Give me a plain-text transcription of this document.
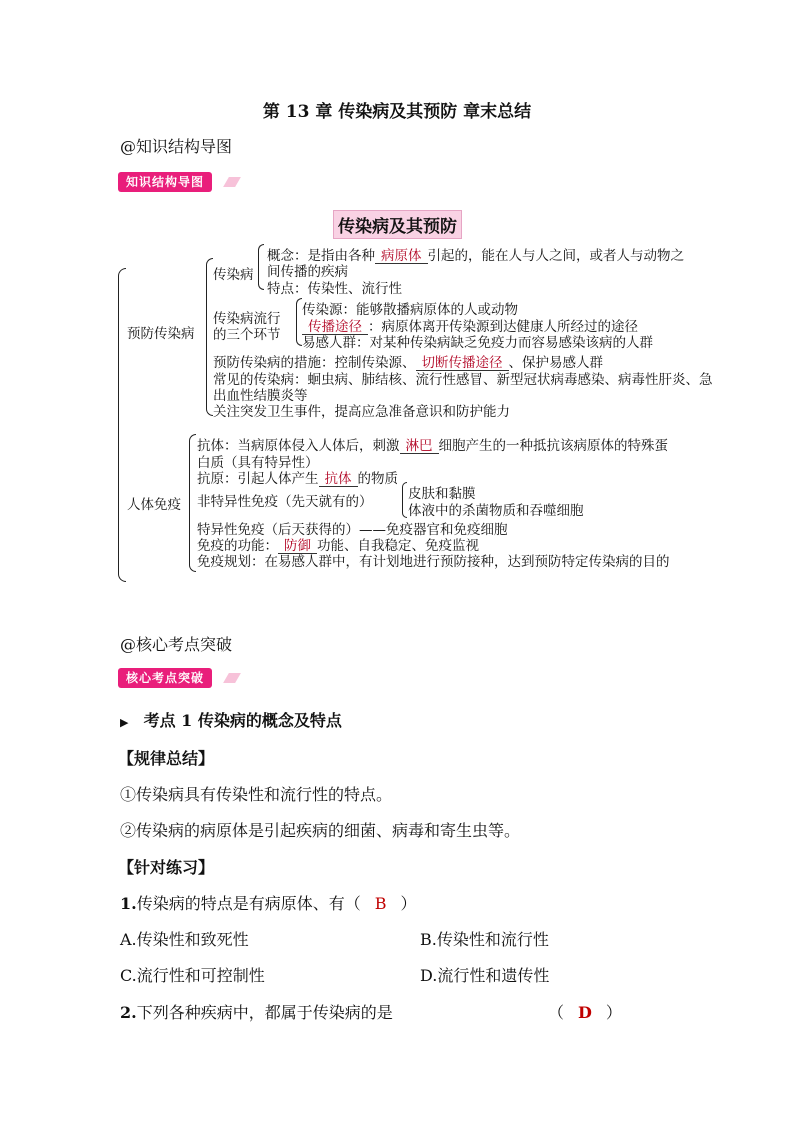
第 13 章 传染病及其预防 章末总结
@知识结构导图
知识结构导图
传染病及其预防
预防传染病
传染病
概念：是指由各种 病原体 引起的，能在人与人之间，或者人与动物之
间传播的疾病
特点：传染性、流行性
传染病流行
的三个环节
传染源：能够散播病原体的人或动物
传播途径 ：病原体离开传染源到达健康人所经过的途径
易感人群：对某种传染病缺乏免疫力而容易感染该病的人群
预防传染病的措施：控制传染源、 切断传播途径 、保护易感人群
常见的传染病：蛔虫病、肺结核、流行性感冒、新型冠状病毒感染、病毒性肝炎、急
出血性结膜炎等
关注突发卫生事件，提高应急准备意识和防护能力
人体免疫
抗体：当病原体侵入人体后，刺激 淋巴 细胞产生的一种抵抗该病原体的特殊蛋
白质（具有特异性）
抗原：引起人体产生 抗体 的物质
非特异性免疫（先天就有的）	皮肤和黏膜
体液中的杀菌物质和吞噬细胞
特异性免疫（后天获得的）——免疫器官和免疫细胞
免疫的功能： 防御 功能、自我稳定、免疫监视
免疫规划：在易感人群中，有计划地进行预防接种，达到预防特定传染病的目的
@核心考点突破
核心考点突破
▶ 考点 1 传染病的概念及特点
【规律总结】
①传染病具有传染性和流行性的特点。
②传染病的病原体是引起疾病的细菌、病毒和寄生虫等。
【针对练习】
1.传染病的特点是有病原体、有（ B ）
A.传染性和致死性	B.传染性和流行性
C.流行性和可控制性	D.流行性和遗传性
2.下列各种疾病中，都属于传染病的是	（ D ）
